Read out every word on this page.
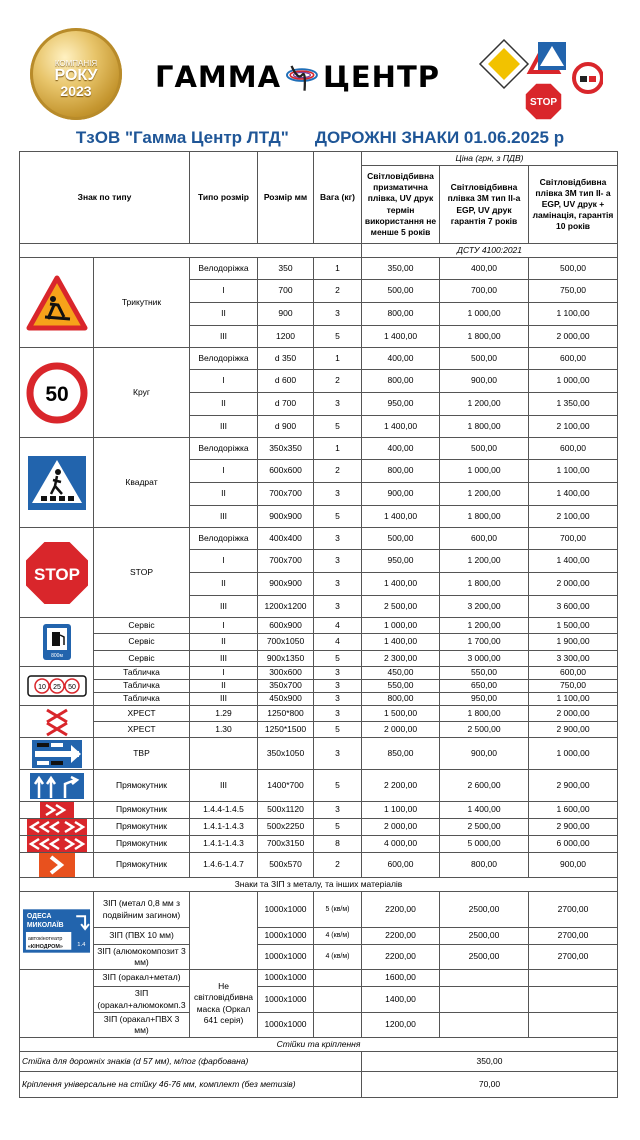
КОМПАНІЯ
РОКУ
2023 ГАММА ЦЕНТР
STOP
ТзОВ "Гамма Центр ЛТД" ДОРОЖНІ ЗНАКИ 01.06.2025 р
Знак по типу		Типо розмір	Розмір мм	Вага (кг)	Ціна (грн, з ПДВ)		
					Світловідбивна призматична плівка, UV друк термін використання не менше 5 років	Світловідбивна плівка 3M тип II-а EGP, UV друк гарантія 7 років	Світловідбивна плівка 3M тип II- а EGP, UV друк + ламінація, гарантія 10 років
					ДСТУ 4100:2021		

	Трикутник	Велодоріжка	350	1	350,00	400,00	500,00
		I	700	2	500,00	700,00	750,00
		II	900	3	800,00	1 000,00	1 100,00
		III	1200	5	1 400,00	1 800,00	2 000,00

50	Круг	Велодоріжка	d 350	1	400,00	500,00	600,00
		I	d 600	2	800,00	900,00	1 000,00
		II	d 700	3	950,00	1 200,00	1 350,00
		III	d 900	5	1 400,00	1 800,00	2 100,00

	Квадрат	Велодоріжка	350x350	1	400,00	500,00	600,00
		I	600x600	2	800,00	1 000,00	1 100,00
		II	700x700	3	900,00	1 200,00	1 400,00
		III	900x900	5	1 400,00	1 800,00	2 100,00

STOP	STOP	Велодоріжка	400x400	3	500,00	600,00	700,00
		I	700x700	3	950,00	1 200,00	1 400,00
		II	900x900	3	1 400,00	1 800,00	2 000,00
		III	1200x1200	3	2 500,00	3 200,00	3 600,00

800м	Сервіс	I	600x900	4	1 000,00	1 200,00	1 500,00
	Сервіс	II	700x1050	4	1 400,00	1 700,00	1 900,00
	Сервіс	III	900x1350	5	2 300,00	3 000,00	3 300,00

10 25 50	Табличка	I	300x600	3	450,00	550,00	600,00
	Табличка	II	350x700	3	550,00	650,00	750,00
	Табличка	III	450x900	3	800,00	950,00	1 100,00

	ХРЕСТ	1.29	1250*800	3	1 500,00	1 800,00	2 000,00
	ХРЕСТ	1.30	1250*1500	5	2 000,00	2 500,00	2 900,00

	ТВР		350x1050	3	850,00	900,00	1 000,00

	Прямокутник	III	1400*700	5	2 200,00	2 600,00	2 900,00

	Прямокутник	1.4.4-1.4.5	500x1120	3	1 100,00	1 400,00	1 600,00

	Прямокутник	1.4.1-1.4.3	500x2250	5	2 000,00	2 500,00	2 900,00

	Прямокутник	1.4.1-1.4.3	700x3150	8	4 000,00	5 000,00	6 000,00

	Прямокутник	1.4.6-1.4.7	500x570	2	600,00	800,00	900,00
Знаки та ЗІП з металу, та інших матеріалів							

ОДЕСА
МИКОЛАЇВ
автокінотеатр
«КІНОДРОМ» 1.4	ЗІП (метал 0,8 мм з подвійним загином)		1000x1000	5 (кв/м)	2200,00	2500,00	2700,00
	ЗІП (ПВХ 10 мм)		1000x1000	4 (кв/м)	2200,00	2500,00	2700,00
	ЗІП (алюмокомпозит 3 мм)		1000x1000	4 (кв/м)	2200,00	2500,00	2700,00
	ЗІП (оракал+метал)	Не світловідбивна маска (Оркал 641 серія)	1000x1000		1600,00		
	ЗІП (оракал+алюмокомп.3		1000x1000		1400,00		
	ЗІП (оракал+ПВХ 3 мм)		1000x1000		1200,00		
Стійки та кріплення							
Стійка для дорожніх знаків (d 57 мм), м/пог (фарбована)					350,00		
Кріплення універсальне на стійку 46-76 мм, комплект (без метизів)					70,00		
